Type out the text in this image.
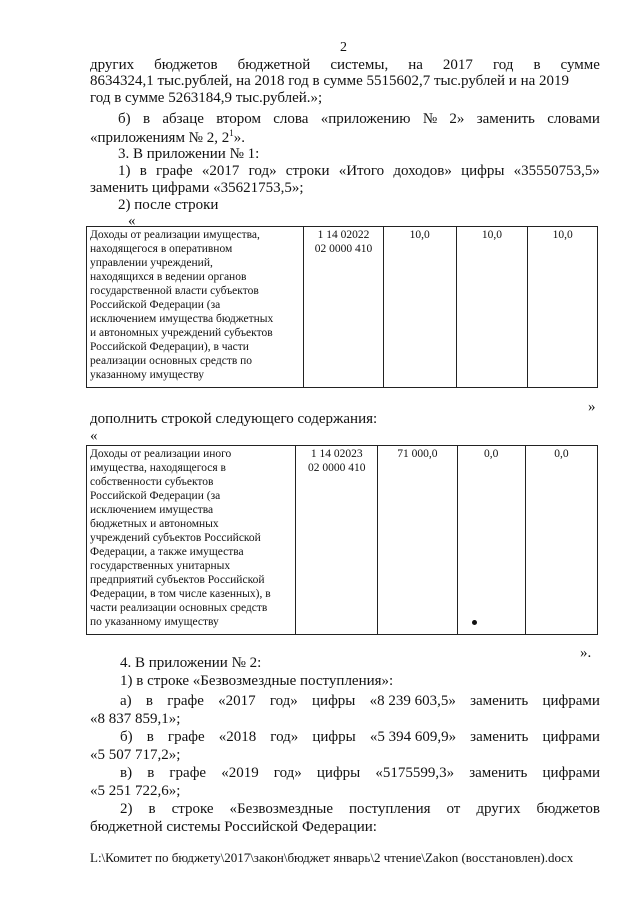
2
других бюджетов бюджетной системы, на 2017 год в сумме
8634324,1 тыс.рублей, на 2018 год в сумме 5515602,7 тыс.рублей и на 2019
год в сумме 5263184,9 тыс.рублей.»;
б) в абзаце втором слова «приложению № 2» заменить словами
«приложениям № 2, $2^1$».
3. В приложении № 1:
1) в графе «2017 год» строки «Итого доходов» цифры «35550753,5»
заменить цифрами «35621753,5»;
2) после строки
«
Доходы от реализации имущества,
находящегося в оперативном
управлении учреждений,
находящихся в ведении органов
государственной власти субъектов
Российской Федерации (за
исключением имущества бюджетных
и автономных учреждений субъектов
Российской Федерации), в части
реализации основных средств по
указанному имуществу

1 14 02022
02 0000 410
	10,0	10,0	10,0
»
дополнить строкой следующего содержания:
«
Доходы от реализации иного
имущества, находящегося в
собственности субъектов
Российской Федерации (за
исключением имущества
бюджетных и автономных
учреждений субъектов Российской
Федерации, а также имущества
государственных унитарных
предприятий субъектов Российской
Федерации, в том числе казенных), в
части реализации основных средств
по указанному имуществу

1 14 02023
02 0000 410
	71 000,0	0,0	0,0
».
4. В приложении № 2:
1) в строке «Безвозмездные поступления»:
а) в графе «2017 год» цифры «8 239 603,5» заменить цифрами
«8 837 859,1»;
б) в графе «2018 год» цифры «5 394 609,9» заменить цифрами
«5 507 717,2»;
в) в графе «2019 год» цифры «5175599,3» заменить цифрами
«5 251 722,6»;
2) в строке «Безвозмездные поступления от других бюджетов
бюджетной системы Российской Федерации:
L:\Комитет по бюджету\2017\закон\бюджет январь\2 чтение\Zakon (восстановлен).docx
